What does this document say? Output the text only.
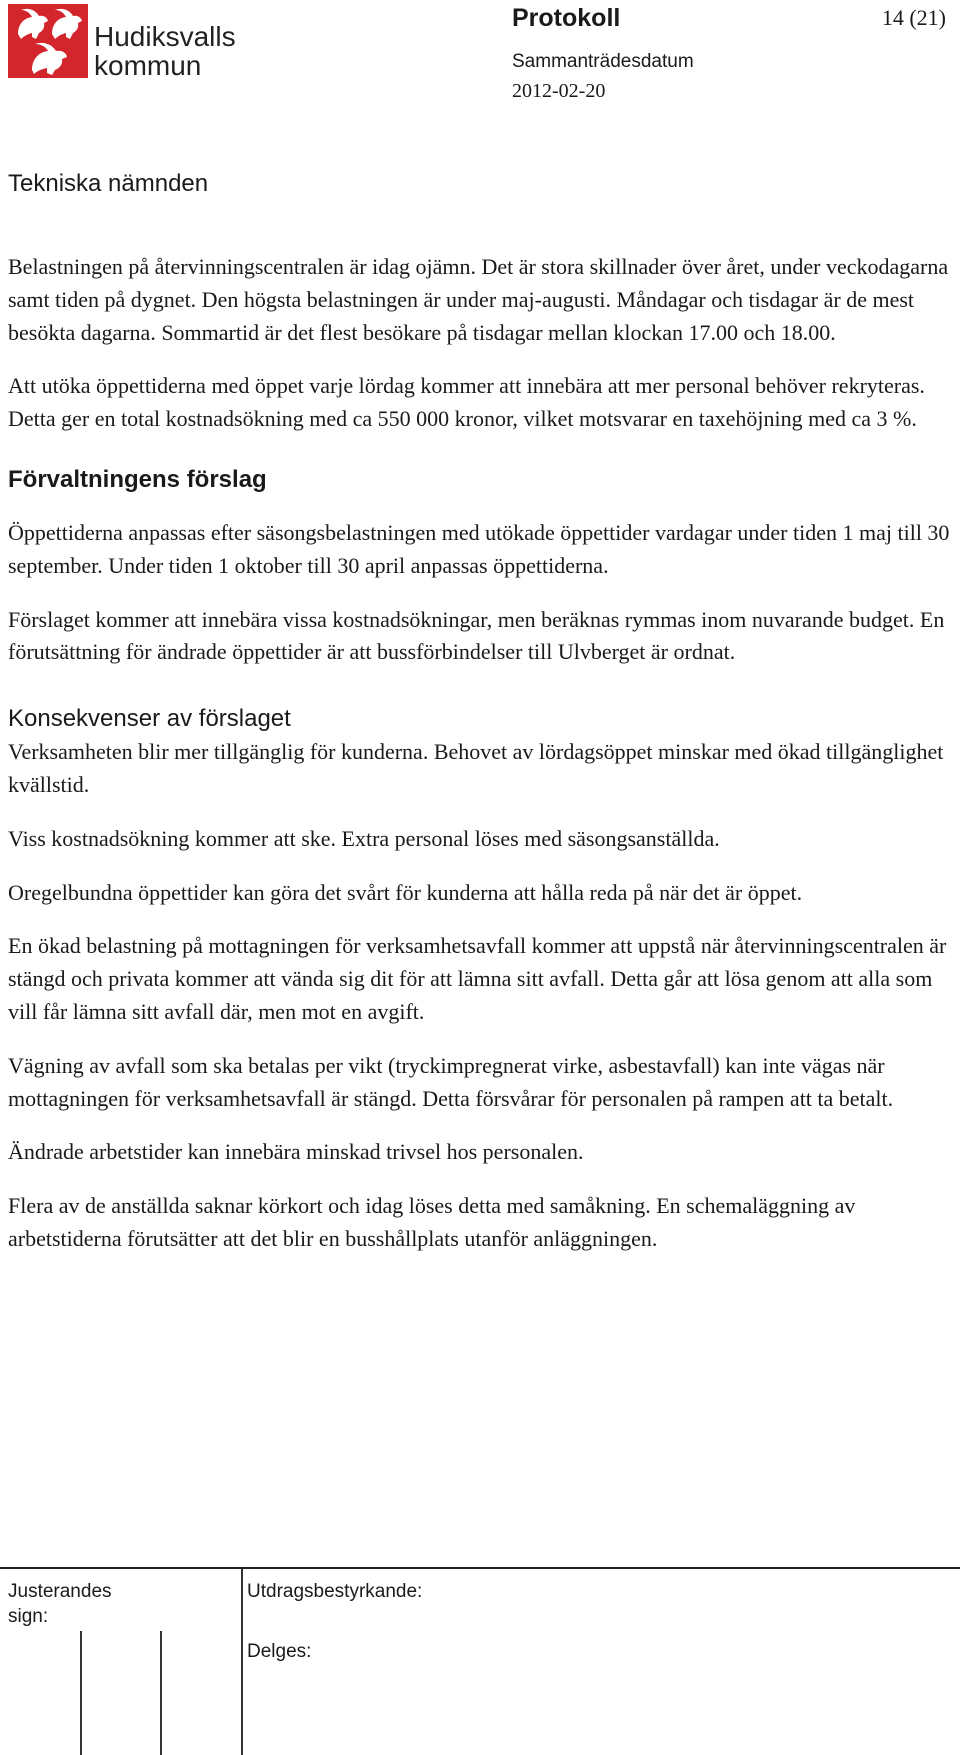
Hudiksvalls
kommun
Protokoll	14 (21)
Sammanträdesdatum
2012-02-20
Tekniska nämnden

Belastningen på återvinningscentralen är idag ojämn. Det är stora skillnader över året, under veckodagarna samt tiden på dygnet. Den högsta belastningen är under maj-augusti. Måndagar och tisdagar är de mest besökta dagarna. Sommartid är det flest besökare på tisdagar mellan klockan 17.00 och 18.00.

Att utöka öppettiderna med öppet varje lördag kommer att innebära att mer personal behöver rekryteras. Detta ger en total kostnadsökning med ca 550 000 kronor, vilket motsvarar en taxehöjning med ca 3 %.

Förvaltningens förslag

Öppettiderna anpassas efter säsongsbelastningen med utökade öppettider vardagar under tiden 1 maj till 30 september. Under tiden 1 oktober till 30 april anpassas öppettiderna.

Förslaget kommer att innebära vissa kostnadsökningar, men beräknas rymmas inom nuvarande budget. En förutsättning för ändrade öppettider är att bussförbindelser till Ulvberget är ordnat.

Konsekvenser av förslaget

Verksamheten blir mer tillgänglig för kunderna. Behovet av lördagsöppet minskar med ökad tillgänglighet kvällstid.

Viss kostnadsökning kommer att ske. Extra personal löses med säsongsanställda.

Oregelbundna öppettider kan göra det svårt för kunderna att hålla reda på när det är öppet.

En ökad belastning på mottagningen för verksamhetsavfall kommer att uppstå när återvinningscentralen är stängd och privata kommer att vända sig dit för att lämna sitt avfall. Detta går att lösa genom att alla som vill får lämna sitt avfall där, men mot en avgift.

Vägning av avfall som ska betalas per vikt (tryckimpregnerat virke, asbestavfall) kan inte vägas när mottagningen för verksamhetsavfall är stängd. Detta försvårar för personalen på rampen att ta betalt.

Ändrade arbetstider kan innebära minskad trivsel hos personalen.

Flera av de anställda saknar körkort och idag löses detta med samåkning. En schemaläggning av arbetstiderna förutsätter att det blir en busshållplats utanför anläggningen.

Justerandes sign:
Utdragsbestyrkande:
Delges:
